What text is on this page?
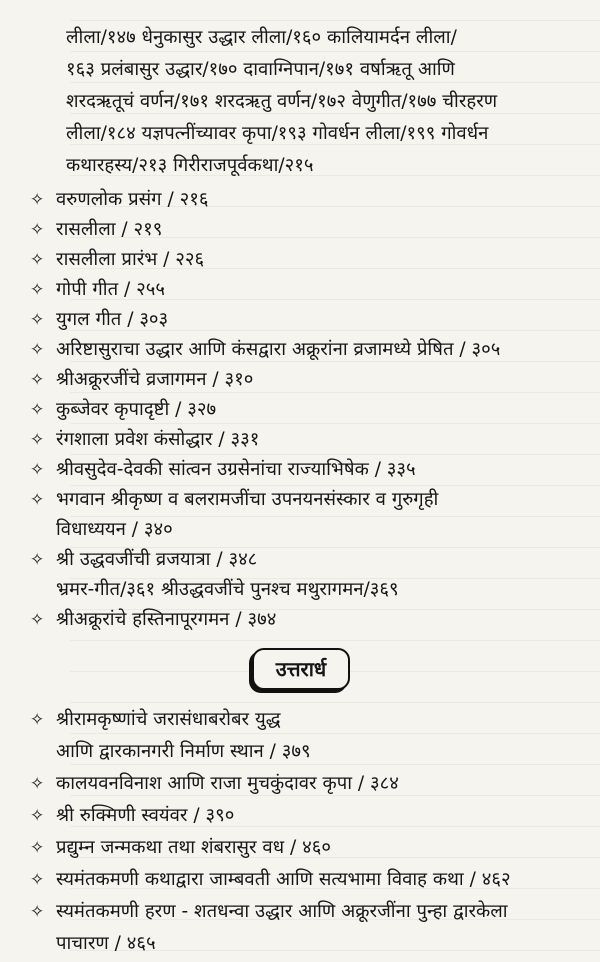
लीला/१४७ धेनुकासुर उद्धार लीला/१६० कालियामर्दन लीला/
१६३ प्रलंबासुर उद्धार/१७० दावाग्निपान/१७१ वर्षाऋतू आणि
शरदऋतूचं वर्णन/१७१ शरदऋतु वर्णन/१७२ वेणुगीत/१७७ चीरहरण
लीला/१८४ यज्ञपत्नींच्यावर कृपा/१९३ गोवर्धन लीला/१९९ गोवर्धन
कथारहस्य/२१३ गिरीराजपूर्वकथा/२१५
✧ वरुणलोक प्रसंग / २१६
✧ रासलीला / २१९
✧ रासलीला प्रारंभ / २२६
✧ गोपी गीत / २५५
✧ युगल गीत / ३०३
✧ अरिष्टासुराचा उद्धार आणि कंसद्वारा अक्रूरांना व्रजामध्ये प्रेषित / ३०५
✧ श्रीअक्रूरजींचे व्रजागमन / ३१०
✧ कुब्जेवर कृपादृष्टी / ३२७
✧ रंगशाला प्रवेश कंसोद्धार / ३३१
✧ श्रीवसुदेव-देवकी सांत्वन उग्रसेनांचा राज्याभिषेक / ३३५
✧ भगवान श्रीकृष्ण व बलरामजींचा उपनयनसंस्कार व गुरुगृही
विधाध्ययन / ३४०
✧ श्री उद्धवजींची व्रजयात्रा / ३४८
भ्रमर-गीत/३६१ श्रीउद्धवजींचे पुनश्च मथुरागमन/३६९
उत्तरार्ध
✧ श्रीरामकृष्णांचे जरासंधाबरोबर युद्ध
आणि द्वारकानगरी निर्माण स्थान / ३७९
✧ कालयवनविनाश आणि राजा मुचकुंदावर कृपा / ३८४
✧ श्री रुक्मिणी स्वयंवर / ३९०
✧ प्रद्युम्न जन्मकथा तथा शंबरासुर वध / ४६०
✧ स्यमंतकमणी कथाद्वारा जाम्बवती आणि सत्यभामा विवाह कथा / ४६२
✧ स्यमंतकमणी हरण - शतधन्वा उद्धार आणि अक्रूरजींना पुन्हा द्वारकेला
पाचारण / ४६५
✧ श्रीअक्रूरांचे हस्तिनापूरगमन / ३७४
